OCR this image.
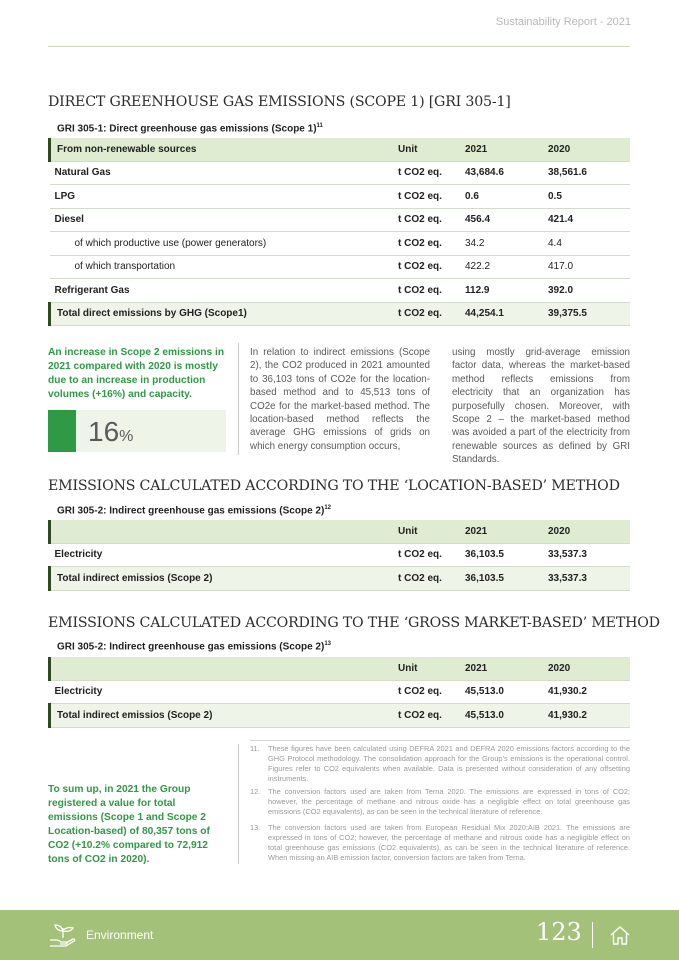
Sustainability Report - 2021
DIRECT GREENHOUSE GAS EMISSIONS (SCOPE 1) [GRI 305-1]
GRI 305-1: Direct greenhouse gas emissions (Scope 1)$^{11}$
From non-renewable sources	Unit	2021	2020
Natural Gas	t CO2 eq.	43,684.6	38,561.6
LPG	t CO2 eq.	0.6	0.5
Diesel	t CO2 eq.	456.4	421.4
of which productive use (power generators)	t CO2 eq.	34.2	4.4
of which transportation	t CO2 eq.	422.2	417.0
Refrigerant Gas	t CO2 eq.	112.9	392.0
Total direct emissions by GHG (Scope1)	t CO2 eq.	44,254.1	39,375.5
An increase in Scope 2 emissions in 2021 compared with 2020 is mostly due to an increase in production volumes (+16%) and capacity.
16%
In relation to indirect emissions (Scope 2), the CO2 produced in 2021 amounted to 36,103 tons of CO2e for the location-based method and to 45,513 tons of CO2e for the market-based method. The location-based method reflects the average GHG emissions of grids on which energy consumption occurs,
using mostly grid-average emission factor data, whereas the market-based method reflects emissions from electricity that an organization has purposefully chosen. Moreover, with Scope 2 – the market-based method was avoided a part of the electricity from renewable sources as defined by GRI Standards.
EMISSIONS CALCULATED ACCORDING TO THE ‘LOCATION-BASED’ METHOD
GRI 305-2: Indirect greenhouse gas emissions (Scope 2)$^{12}$
	Unit	2021	2020
Electricity	t CO2 eq.	36,103.5	33,537.3
Total indirect emissios (Scope 2)	t CO2 eq.	36,103.5	33,537.3
EMISSIONS CALCULATED ACCORDING TO THE ‘GROSS MARKET-BASED’ METHOD
GRI 305-2: Indirect greenhouse gas emissions (Scope 2)$^{13}$
	Unit	2021	2020
Electricity	t CO2 eq.	45,513.0	41,930.2
Total indirect emissios (Scope 2)	t CO2 eq.	45,513.0	41,930.2
To sum up, in 2021 the Group registered a value for total emissions (Scope 1 and Scope 2 Location-based) of 80,357 tons of CO2 (+10.2% compared to 72,912 tons of CO2 in 2020).
11. These figures have been calculated using DEFRA 2021 and DEFRA 2020 emissions factors according to the GHG Protocol methodology. The consolidation approach for the Group’s emissions is the operational control. Figures refer to CO2 equivalents when available. Data is presented without consideration of any offsetting instruments.
12. The conversion factors used are taken from Terna 2020. The emissions are expressed in tons of CO2; however, the percentage of methane and nitrous oxide has a negligible effect on total greenhouse gas emissions (CO2 equivalents), as can be seen in the technical literature of reference.
13. The conversion factors used are taken from European Residual Mix 2020:AIB 2021. The emissions are expressed in tons of CO2; however, the percentage of methane and nitrous oxide has a negligible effect on total greenhouse gas emissions (CO2 equivalents), as can be seen in the technical literature of reference. When missing an AIB emission factor, conversion factors are taken from Terna.
Environment	123
